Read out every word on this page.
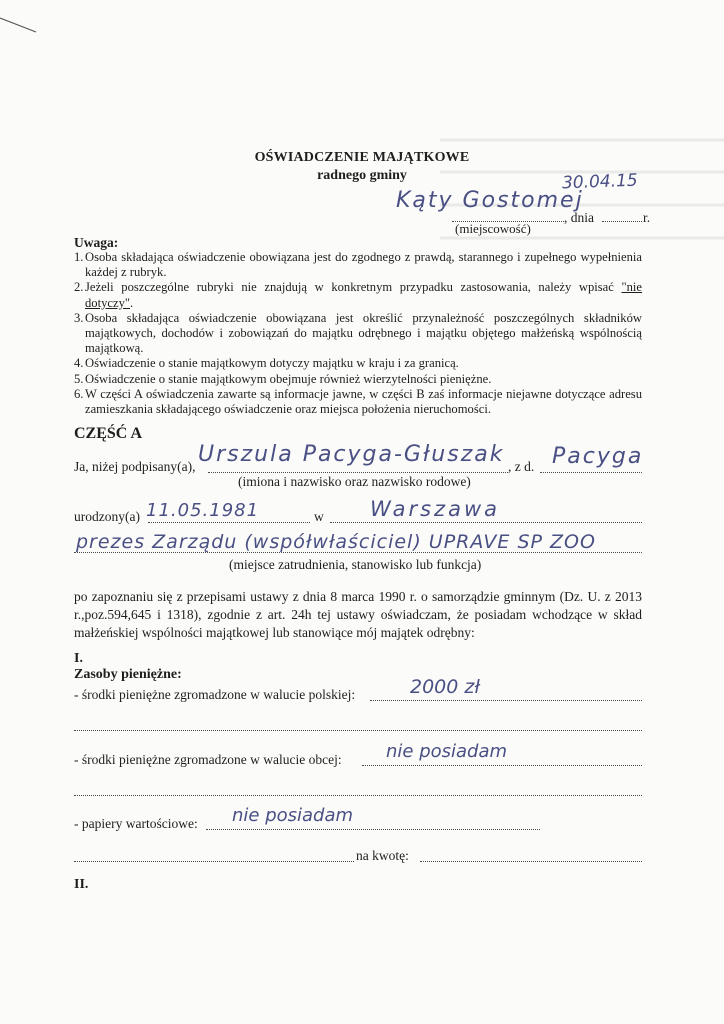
OŚWIADCZENIE MAJĄTKOWE
radnego gminy	30.04.15
Kąty Gostomej
, dnia	r.
(miejscowość)
Uwaga:
1. Osoba składająca oświadczenie obowiązana jest do zgodnego z prawdą, starannego i zupełnego wypełnienia każdej z rubryk.
2. Jeżeli poszczególne rubryki nie znajdują w konkretnym przypadku zastosowania, należy wpisać "nie dotyczy".
3. Osoba składająca oświadczenie obowiązana jest określić przynależność poszczególnych składników majątkowych, dochodów i zobowiązań do majątku odrębnego i majątku objętego małżeńską wspólnością majątkową.
4. Oświadczenie o stanie majątkowym dotyczy majątku w kraju i za granicą.
5. Oświadczenie o stanie majątkowym obejmuje również wierzytelności pieniężne.
6. W części A oświadczenia zawarte są informacje jawne, w części B zaś informacje niejawne dotyczące adresu zamieszkania składającego oświadczenie oraz miejsca położenia nieruchomości.
CZĘŚĆ A
Ja, niżej podpisany(a), Urszula Pacyga-Głuszak , z d. Pacyga
(imiona i nazwisko oraz nazwisko rodowe)
urodzony(a) 11.05.1981	w Warszawa
prezes Zarządu (współwłaściciel) UPRAVE SP ZOO
(miejsce zatrudnienia, stanowisko lub funkcja)

po zapoznaniu się z przepisami ustawy z dnia 8 marca 1990 r. o samorządzie gminnym (Dz. U. z 2013 r.,poz.594,645 i 1318), zgodnie z art. 24h tej ustawy oświadczam, że posiadam wchodzące w skład małżeńskiej wspólności majątkowej lub stanowiące mój majątek odrębny:

I.
Zasoby pieniężne:
- środki pieniężne zgromadzone w walucie polskiej:	2000 zł
- środki pieniężne zgromadzone w walucie obcej: nie posiadam
- papiery wartościowe: nie posiadam
na kwotę:
II.
